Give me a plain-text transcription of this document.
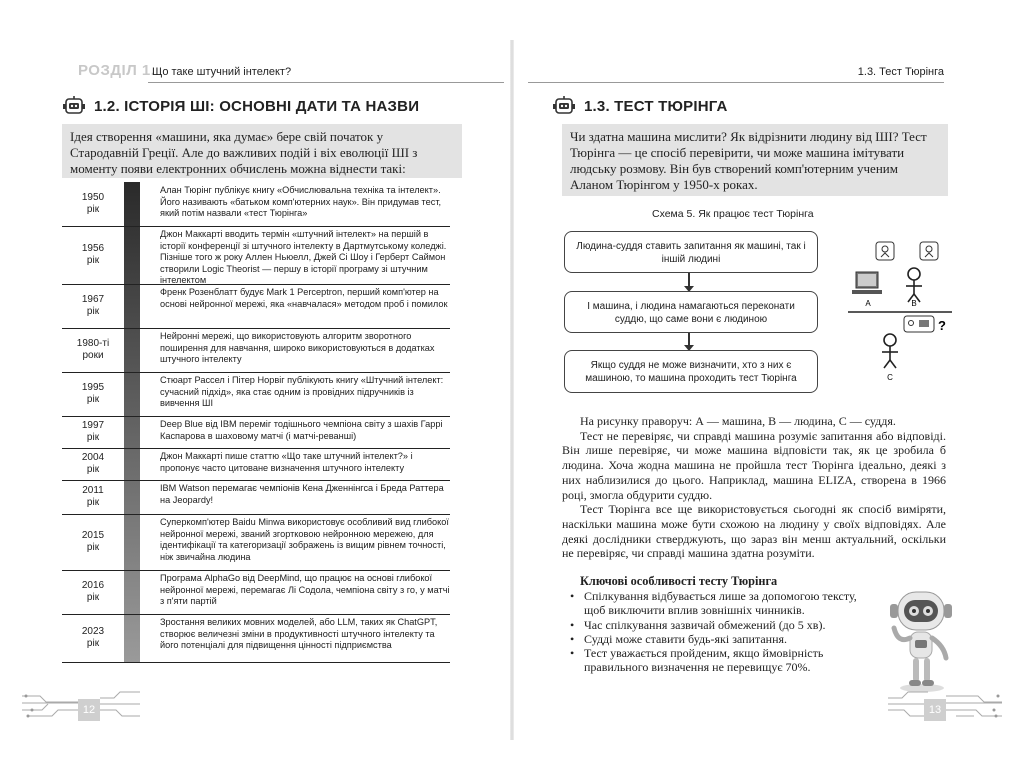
РОЗДІЛ 1.
Що таке штучний інтелект?	1.3. Тест Тюрінга
1.2. ІСТОРІЯ ШІ: ОСНОВНІ ДАТИ ТА НАЗВИ
Ідея створення «машини, яка думає» бере свій початок у Стародавній Греції. Але до важливих подій і віх еволюції ШІ з моменту появи електронних обчислень можна віднести такі:
1950
рік
Алан Тюрінг публікує книгу «Обчислювальна техніка та інтелект». Його називають «батьком комп'ютерних наук». Він придумав тест, який потім назвали «тест Тюрінга»
1956
рік
Джон Маккарті вводить термін «штучний інтелект» на першій в історії конференції зі штучного інтелекту в Дартмутському коледжі. Пізніше того ж року Аллен Ньюелл, Джей Сі Шоу і Герберт Саймон створили Logic Theorist — першу в історії програму зі штучним інтелектом
1967
рік
Френк Розенблатт будує Mark 1 Perceptron, перший комп'ютер на основі нейронної мережі, яка «навчалася» методом проб і помилок
1980-ті
роки
Нейронні мережі, що використовують алгоритм зворотного поширення для навчання, широко використовуються в додатках штучного інтелекту
1995
рік
Стюарт Рассел і Пітер Норвіг публікують книгу «Штучний інтелект: сучасний підхід», яка стає одним із провідних підручників із вивчення ШІ
1997
рік
Deep Blue від IBM переміг тодішнього чемпіона світу з шахів Гаррі Каспарова в шаховому матчі (і матчі-реванші)
2004
рік
Джон Маккарті пише статтю «Що таке штучний інтелект?» і пропонує часто цитоване визначення штучного інтелекту
2011
рік
IBM Watson перемагає чемпіонів Кена Дженнінгса і Бреда Раттера на Jeopardy!
2015
рік
Суперкомп'ютер Baidu Minwa використовує особливий вид глибокої нейронної мережі, званий згортковою нейронною мережею, для ідентифікації та категоризації зображень із вищим рівнем точності, ніж звичайна людина
2016
рік
Програма AlphaGo від DeepMind, що працює на основі глибокої нейронної мережі, перемагає Лі Содола, чемпіона світу з го, у матчі з п'яти партій
2023
рік
Зростання великих мовних моделей, або LLM, таких як ChatGPT, створює величезні зміни в продуктивності штучного інтелекту та його потенціалі для підвищення цінності підприємства
12
1.3. ТЕСТ ТЮРІНГА
Чи здатна машина мислити? Як відрізнити людину від ШІ? Тест Тюрінга — це спосіб перевірити, чи може машина імітувати людську розмову. Він був створений комп'ютерним ученим Аланом Тюрінгом у 1950-х роках.
Схема 5. Як працює тест Тюрінга
Людина-суддя ставить запитання як машині, так і іншій людині
І машина, і людина намагаються переконати суддю, що саме вони є людиною
Якщо суддя не може визначити, хто з них є машиною, то машина проходить тест Тюрінга
A	B
?
C

На рисунку праворуч: А — машина, В — людина, С — суддя.

Тест не перевіряє, чи справді машина розуміє запитання або відповіді. Він лише перевіряє, чи може машина відповісти так, як це зробила б людина. Хоча жодна машина не пройшла тест Тюрінга ідеально, деякі з них наблизилися до цього. Наприклад, машина ELIZA, створена в 1966 році, змогла обдурити суддю.

Тест Тюрінга все ще використовується сьогодні як спосіб виміряти, наскільки машина може бути схожою на людину у своїх відповідях. Але деякі дослідники стверджують, що зараз він менш актуальний, оскільки не перевіряє, чи справді машина здатна розуміти.

Ключові особливості тесту Тюрінга
• Спілкування відбувається лише за допомогою тексту, щоб виключити вплив зовнішніх чинників.
• Час спілкування зазвичай обмежений (до 5 хв).
• Судді може ставити будь-які запитання.
• Тест уважається пройденим, якщо ймовірність правильного визначення не перевищує 70%.
13
